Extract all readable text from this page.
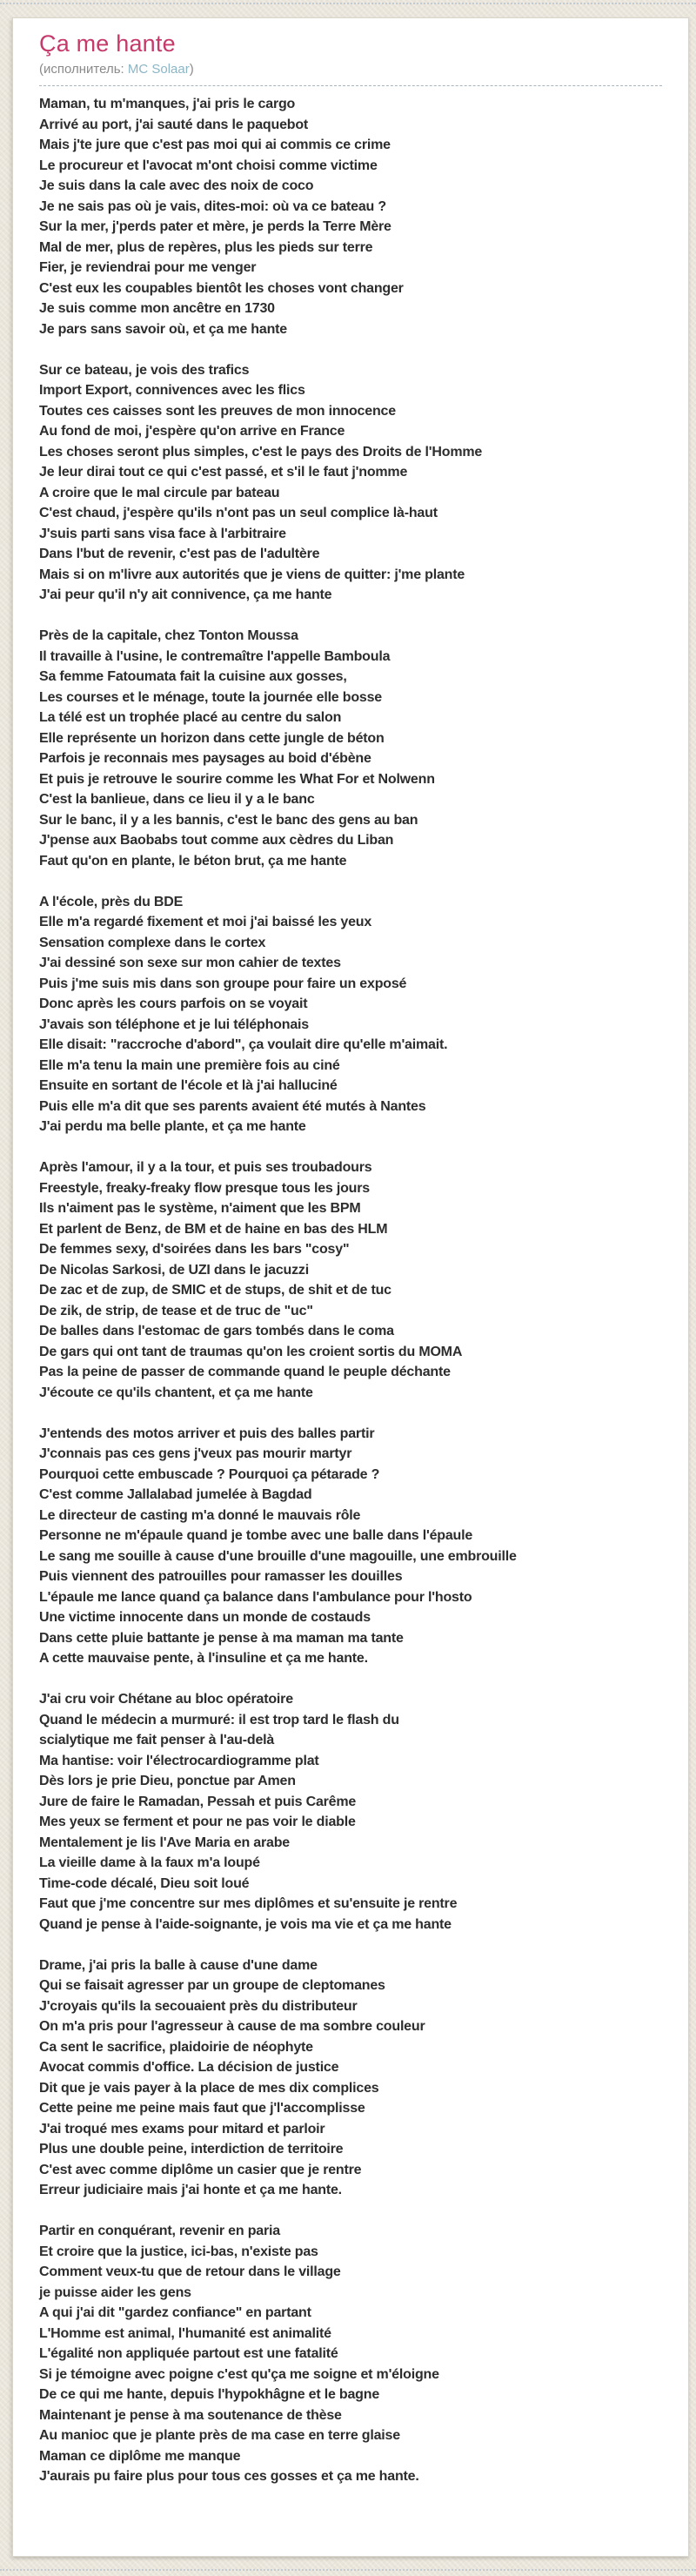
Ça me hante
(исполнитель: MC Solaar)

Maman, tu m'manques, j'ai pris le cargo
Arrivé au port, j'ai sauté dans le paquebot
Mais j'te jure que c'est pas moi qui ai commis ce crime
Le procureur et l'avocat m'ont choisi comme victime
Je suis dans la cale avec des noix de coco
Je ne sais pas où je vais, dites-moi: où va ce bateau ?
Sur la mer, j'perds pater et mère, je perds la Terre Mère
Mal de mer, plus de repères, plus les pieds sur terre
Fier, je reviendrai pour me venger
C'est eux les coupables bientôt les choses vont changer
Je suis comme mon ancêtre en 1730
Je pars sans savoir où, et ça me hante

Sur ce bateau, je vois des trafics
Import Export, connivences avec les flics
Toutes ces caisses sont les preuves de mon innocence
Au fond de moi, j'espère qu'on arrive en France
Les choses seront plus simples, c'est le pays des Droits de l'Homme
Je leur dirai tout ce qui c'est passé, et s'il le faut j'nomme
A croire que le mal circule par bateau
C'est chaud, j'espère qu'ils n'ont pas un seul complice là-haut
J'suis parti sans visa face à l'arbitraire
Dans l'but de revenir, c'est pas de l'adultère
Mais si on m'livre aux autorités que je viens de quitter: j'me plante
J'ai peur qu'il n'y ait connivence, ça me hante

Près de la capitale, chez Tonton Moussa
Il travaille à l'usine, le contremaître l'appelle Bamboula
Sa femme Fatoumata fait la cuisine aux gosses,
Les courses et le ménage, toute la journée elle bosse
La télé est un trophée placé au centre du salon
Elle représente un horizon dans cette jungle de béton
Parfois je reconnais mes paysages au boid d'ébène
Et puis je retrouve le sourire comme les What For et Nolwenn
C'est la banlieue, dans ce lieu il y a le banc
Sur le banc, il y a les bannis, c'est le banc des gens au ban
J'pense aux Baobabs tout comme aux cèdres du Liban
Faut qu'on en plante, le béton brut, ça me hante

A l'école, près du BDE
Elle m'a regardé fixement et moi j'ai baissé les yeux
Sensation complexe dans le cortex
J'ai dessiné son sexe sur mon cahier de textes
Puis j'me suis mis dans son groupe pour faire un exposé
Donc après les cours parfois on se voyait
J'avais son téléphone et je lui téléphonais
Elle disait: "raccroche d'abord", ça voulait dire qu'elle m'aimait.
Elle m'a tenu la main une première fois au ciné
Ensuite en sortant de l'école et là j'ai halluciné
Puis elle m'a dit que ses parents avaient été mutés à Nantes
J'ai perdu ma belle plante, et ça me hante

Après l'amour, il y a la tour, et puis ses troubadours
Freestyle, freaky-freaky flow presque tous les jours
Ils n'aiment pas le système, n'aiment que les BPM
Et parlent de Benz, de BM et de haine en bas des HLM
De femmes sexy, d'soirées dans les bars "cosy"
De Nicolas Sarkosi, de UZI dans le jacuzzi
De zac et de zup, de SMIC et de stups, de shit et de tuc
De zik, de strip, de tease et de truc de "uc"
De balles dans l'estomac de gars tombés dans le coma
De gars qui ont tant de traumas qu'on les croient sortis du MOMA
Pas la peine de passer de commande quand le peuple déchante
J'écoute ce qu'ils chantent, et ça me hante

J'entends des motos arriver et puis des balles partir
J'connais pas ces gens j'veux pas mourir martyr
Pourquoi cette embuscade ? Pourquoi ça pétarade ?
C'est comme Jallalabad jumelée à Bagdad
Le directeur de casting m'a donné le mauvais rôle
Personne ne m'épaule quand je tombe avec une balle dans l'épaule
Le sang me souille à cause d'une brouille d'une magouille, une embrouille
Puis viennent des patrouilles pour ramasser les douilles
L'épaule me lance quand ça balance dans l'ambulance pour l'hosto
Une victime innocente dans un monde de costauds
Dans cette pluie battante je pense à ma maman ma tante
A cette mauvaise pente, à l'insuline et ça me hante.

J'ai cru voir Chétane au bloc opératoire
Quand le médecin a murmuré: il est trop tard le flash du
scialytique me fait penser à l'au-delà
Ma hantise: voir l'électrocardiogramme plat
Dès lors je prie Dieu, ponctue par Amen
Jure de faire le Ramadan, Pessah et puis Carême
Mes yeux se ferment et pour ne pas voir le diable
Mentalement je lis l'Ave Maria en arabe
La vieille dame à la faux m'a loupé
Time-code décalé, Dieu soit loué
Faut que j'me concentre sur mes diplômes et su'ensuite je rentre
Quand je pense à l'aide-soignante, je vois ma vie et ça me hante

Drame, j'ai pris la balle à cause d'une dame
Qui se faisait agresser par un groupe de cleptomanes
J'croyais qu'ils la secouaient près du distributeur
On m'a pris pour l'agresseur à cause de ma sombre couleur
Ca sent le sacrifice, plaidoirie de néophyte
Avocat commis d'office. La décision de justice
Dit que je vais payer à la place de mes dix complices
Cette peine me peine mais faut que j'l'accomplisse
J'ai troqué mes exams pour mitard et parloir
Plus une double peine, interdiction de territoire
C'est avec comme diplôme un casier que je rentre
Erreur judiciaire mais j'ai honte et ça me hante.

Partir en conquérant, revenir en paria
Et croire que la justice, ici-bas, n'existe pas
Comment veux-tu que de retour dans le village
je puisse aider les gens
A qui j'ai dit "gardez confiance" en partant
L'Homme est animal, l'humanité est animalité
L'égalité non appliquée partout est une fatalité
Si je témoigne avec poigne c'est qu'ça me soigne et m'éloigne
De ce qui me hante, depuis l'hypokhâgne et le bagne
Maintenant je pense à ma soutenance de thèse
Au manioc que je plante près de ma case en terre glaise
Maman ce diplôme me manque
J'aurais pu faire plus pour tous ces gosses et ça me hante.
